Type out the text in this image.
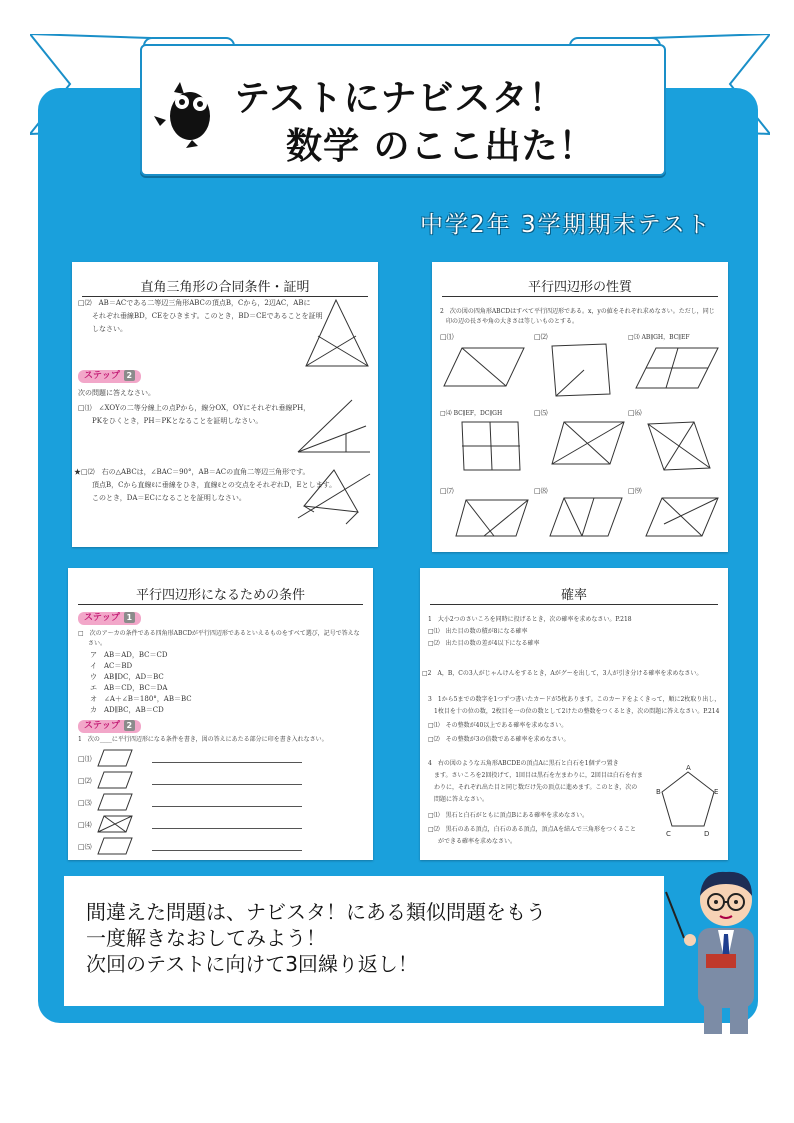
テストにナビスタ！
数学 のここ出た！
中学2年 3学期期末テスト
直角三角形の合同条件・証明
□⑵　AB＝ACである二等辺三角形ABCの頂点B，Cから，2辺AC，ABに
それぞれ垂線BD，CEをひきます。このとき，BD＝CEであることを証明
しなさい。
ステップ 2
次の問題に答えなさい。
□⑴　∠XOYの二等分線上の点Pから，線分OX，OYにそれぞれ垂線PH，
PKをひくとき，PH＝PKとなることを証明しなさい。
★□⑵　右の△ABCは，∠BAC＝90°，AB＝ACの直角二等辺三角形です。
頂点B，Cから直線ℓに垂線をひき，直線ℓとの交点をそれぞれD，Eとします。
このとき，DA＝ECになることを証明しなさい。
平行四辺形の性質
2　次の図の四角形ABCDはすべて平行四辺形である。x，yの値をそれぞれ求めなさい。ただし，同じ
印の辺の長さや角の大きさは等しいものとする。
□⑴	□⑵	□⑶ AB∥GH，BC∥EF
□⑷ BC∥EF，DC∥GH	□⑸	□⑹
□⑺	□⑻	□⑼
平行四辺形になるための条件
ステップ 1
□　次のア～カの条件である四角形ABCDが平行四辺形であるといえるものをすべて選び，記号で答えな
さい。
ア　AB＝AD，BC＝CD
イ　AC＝BD
ウ　AB∥DC，AD＝BC
エ　AB＝CD，BC＝DA
オ　∠A＋∠B＝180°，AB＝BC
カ　AD∥BC，AB＝CD
ステップ 2
1　次の____に平行四辺形になる条件を書き，図の答えにあたる部分に印を書き入れなさい。
□⑴
□⑵
□⑶
□⑷
□⑸
確率
1　大小2つのさいころを同時に投げるとき，次の確率を求めなさい。P.218
□⑴　出た目の数の積が8になる確率
□⑵　出た目の数の差が4以下になる確率
□2　A，B，Cの3人がじゃんけんをするとき，Aがグーを出して，3人が引き分ける確率を求めなさい。
3　1から5までの数字を1つずつ書いたカードが5枚あります。このカードをよくきって，順に2枚取り出し，
1枚目を十の位の数，2枚目を一の位の数として2けたの整数をつくるとき，次の問題に答えなさい。P.214
□⑴　その整数が40以上である確率を求めなさい。
□⑵　その整数が3の倍数である確率を求めなさい。
4　右の図のような五角形ABCDEの頂点Aに黒石と白石を1個ずつ置き
ます。さいころを2回投げて，1回目は黒石を左まわりに，2回目は白石を右ま
わりに，それぞれ出た目と同じ数だけ先の頂点に進めます。このとき，次の
問題に答えなさい。
□⑴　黒石と白石がともに頂点Bにある確率を求めなさい。
□⑵　黒石のある頂点，白石のある頂点，頂点Aを結んで三角形をつくること
ができる確率を求めなさい。
A
B
C	D
E
間違えた問題は、ナビスタ！にある類似問題をもう
一度解きなおしてみよう！
次回のテストに向けて3回繰り返し！
